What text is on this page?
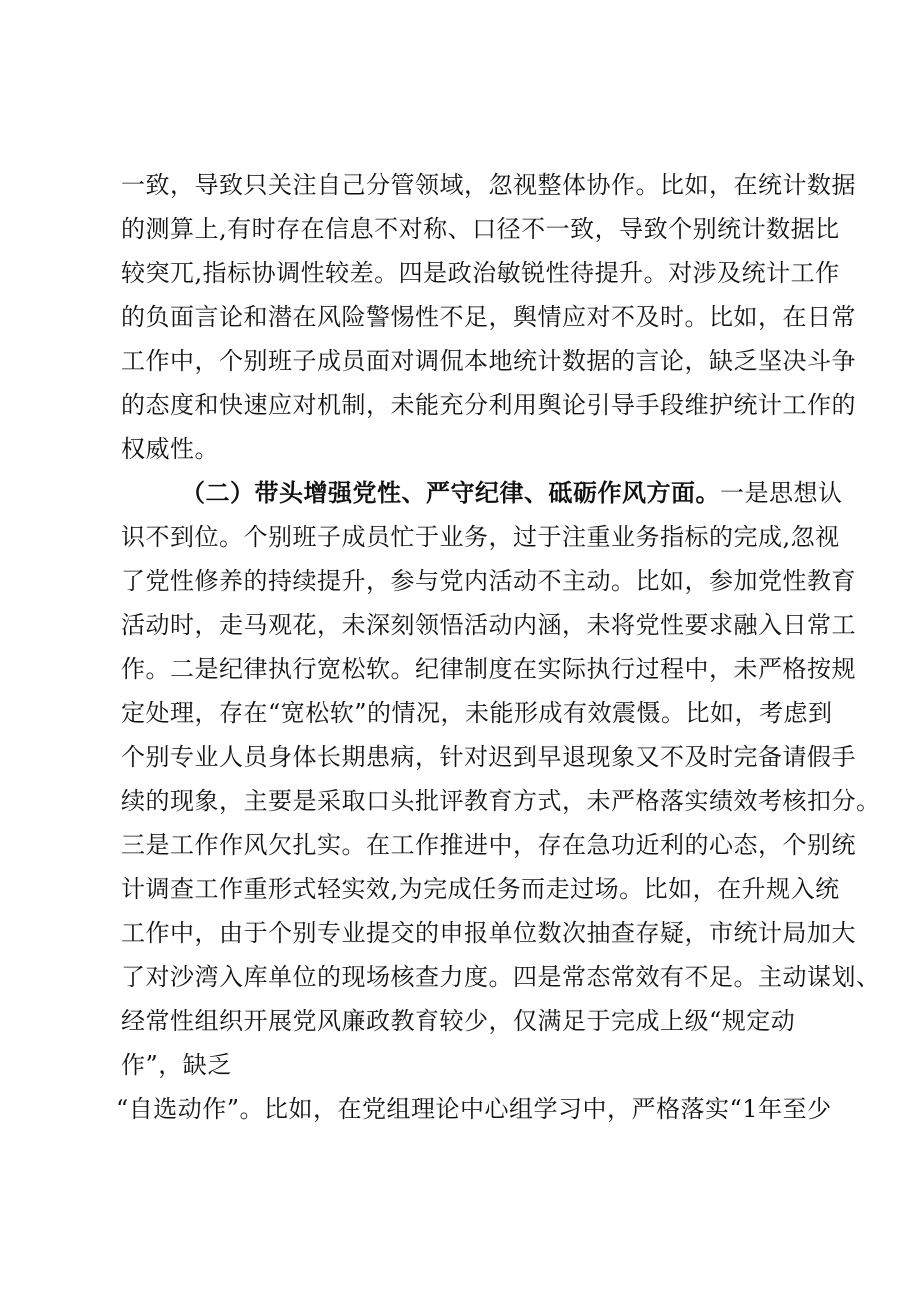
一致，导致只关注自己分管领域，忽视整体协作。比如，在统计数据
的测算上,有时存在信息不对称、口径不一致，导致个别统计数据比
较突兀,指标协调性较差。四是政治敏锐性待提升。对涉及统计工作
的负面言论和潜在风险警惕性不足，舆情应对不及时。比如，在日常
工作中，个别班子成员面对调侃本地统计数据的言论，缺乏坚决斗争
的态度和快速应对机制，未能充分利用舆论引导手段维护统计工作的
权威性。
（二）带头增强党性、严守纪律、砥砺作风方面。一是思想认
识不到位。个别班子成员忙于业务，过于注重业务指标的完成,忽视
了党性修养的持续提升，参与党内活动不主动。比如，参加党性教育
活动时，走马观花，未深刻领悟活动内涵，未将党性要求融入日常工
作。二是纪律执行宽松软。纪律制度在实际执行过程中，未严格按规
定处理，存在“宽松软”的情况，未能形成有效震慑。比如，考虑到
个别专业人员身体长期患病，针对迟到早退现象又不及时完备请假手
续的现象，主要是采取口头批评教育方式，未严格落实绩效考核扣分。
三是工作作风欠扎实。在工作推进中，存在急功近利的心态，个别统
计调查工作重形式轻实效,为完成任务而走过场。比如，在升规入统
工作中，由于个别专业提交的申报单位数次抽查存疑，市统计局加大
了对沙湾入库单位的现场核查力度。四是常态常效有不足。主动谋划、
经常性组织开展党风廉政教育较少，仅满足于完成上级“规定动
作”，缺乏
“自选动作”。比如，在党组理论中心组学习中，严格落实“1年至少
